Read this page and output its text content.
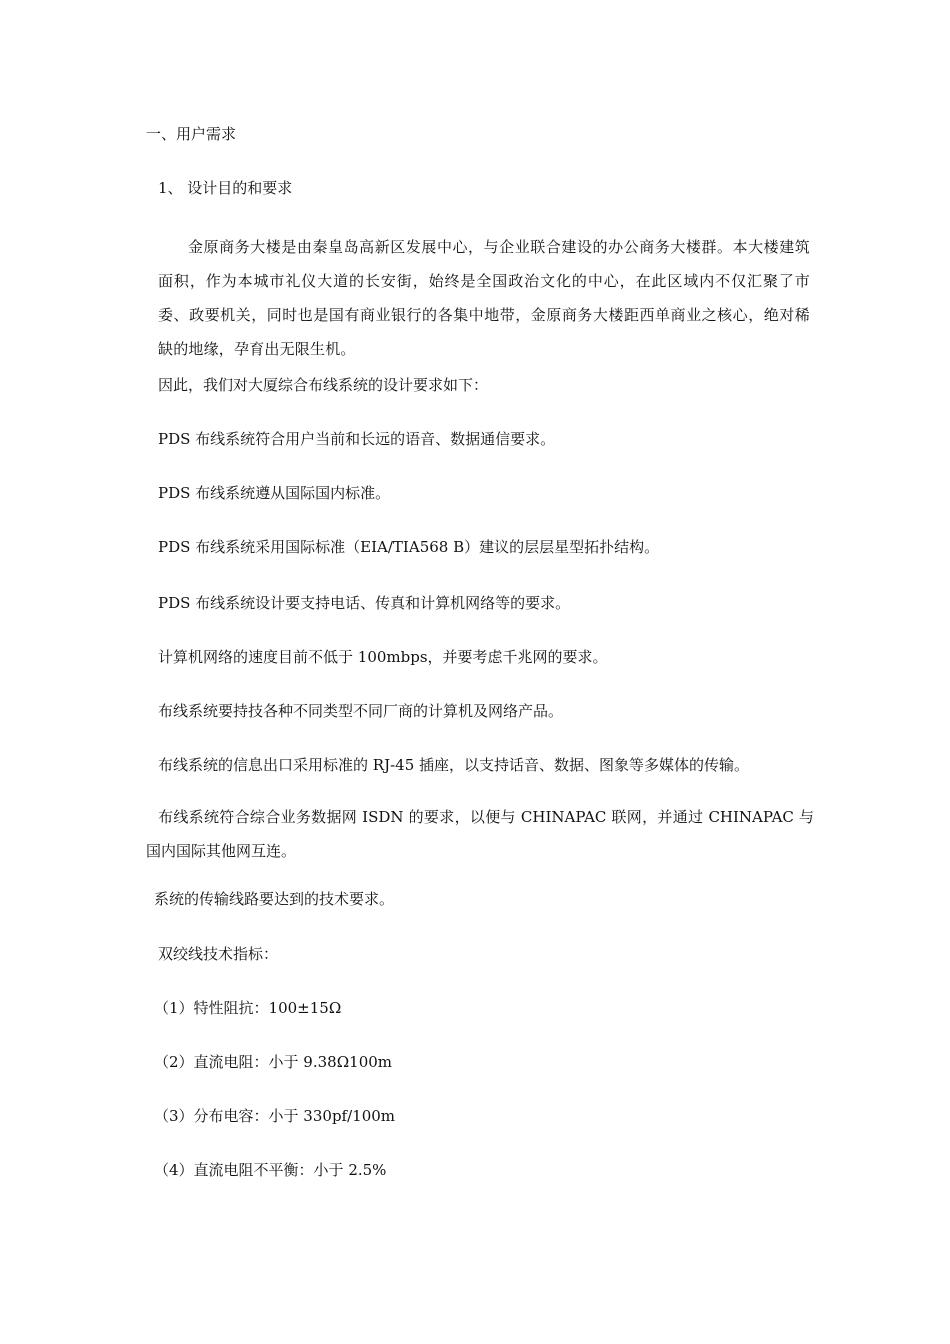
一、用户需求
1、 设计目的和要求
金原商务大楼是由秦皇岛高新区发展中心，与企业联合建设的办公商务大楼群。本大楼建筑面积，作为本城市礼仪大道的长安街，始终是全国政治文化的中心，在此区域内不仅汇聚了市委、政要机关，同时也是国有商业银行的各集中地带，金原商务大楼距西单商业之核心，绝对稀缺的地缘，孕育出无限生机。
因此，我们对大厦综合布线系统的设计要求如下：
PDS 布线系统符合用户当前和长远的语音、数据通信要求。
PDS 布线系统遵从国际国内标准。
PDS 布线系统采用国际标准（EIA/TIA568 B）建议的层层星型拓扑结构。
PDS 布线系统设计要支持电话、传真和计算机网络等的要求。
计算机网络的速度目前不低于 100mbps，并要考虑千兆网的要求。
布线系统要持技各种不同类型不同厂商的计算机及网络产品。
布线系统的信息出口采用标准的 RJ-45 插座，以支持话音、数据、图象等多媒体的传输。
布线系统符合综合业务数据网 ISDN 的要求，以便与 CHINAPAC 联网，并通过 CHINAPAC 与国内国际其他网互连。
系统的传输线路要达到的技术要求。
双绞线技术指标：
（1）特性阻抗：100±15Ω
（2）直流电阻：小于 9.38Ω100m
（3）分布电容：小于 330pf/100m
（4）直流电阻不平衡：小于 2.5%
